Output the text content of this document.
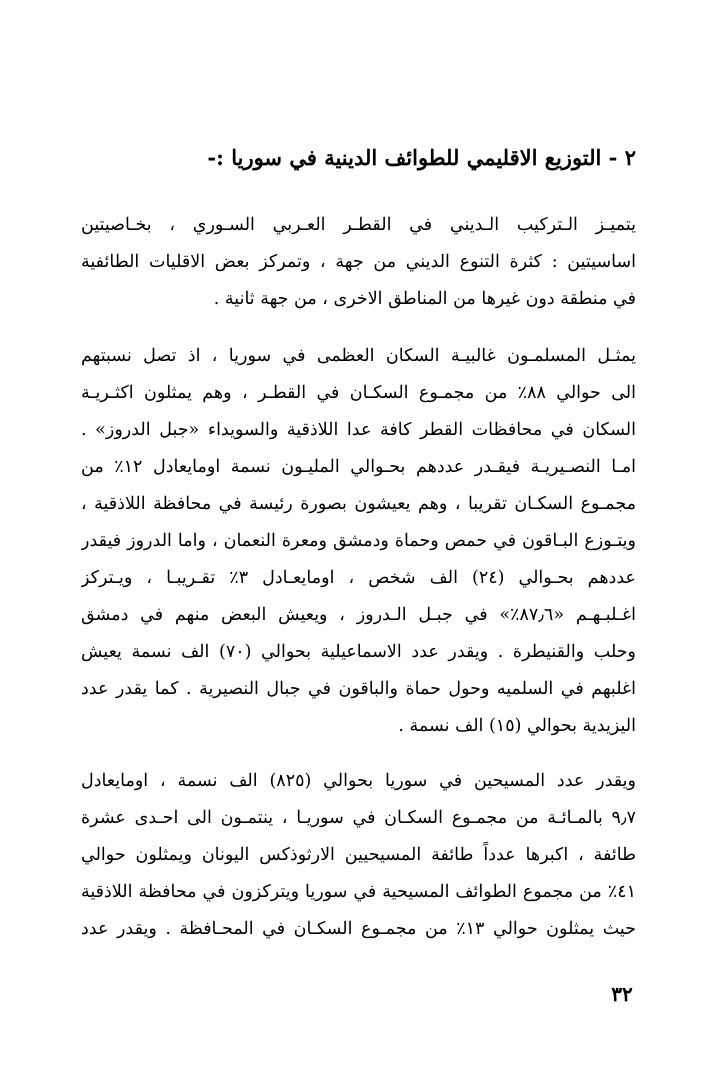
٢ - التوزيع الاقليمي للطوائف الدينية في سوريا :-
يتميـز الـتركيب الـديني في القطـر العـربي السـوري ، بخـاصيتين
اساسيتين : كثرة التنوع الديني من جهة ، وتمركز بعض الاقليات الطائفية
في منطقة دون غيرها من المناطق الاخرى ، من جهة ثانية .
يمثـل المسلمـون غالبيـة السكان العظمى في سوريا ، اذ تصل نسبتهم
الى حوالي ٨٨٪ من مجمـوع السكـان في القطـر ، وهم يمثلون اكثـريـة
السكان في محافظات القطر كافة عدا اللاذقية والسويداء «جبل الدروز» .
امـا النصـيريـة فيقـدر عددهم بحـوالي المليـون نسمة اومايعادل ١٢٪ من
مجمـوع السكـان تقريبا ، وهم يعيشون بصورة رئيسة في محافظة اللاذقية ،
ويتـوزع البـاقون في حمص وحماة ودمشق ومعرة النعمان ، واما الدروز فيقدر
عددهم بحـوالي (٢٤) الف شخص ، اومايعـادل ٣٪ تقـريبـا ، ويـتركز
اغـلبـهـم «٨٧٫٦٪» في جبـل الـدروز ، ويعيش البعض منهم في دمشق
وحلب والقنيطرة . ويقدر عدد الاسماعيلية بحوالي (٧٠) الف نسمة يعيش
اغلبهم في السلميه وحول حماة والباقون في جبال النصيرية . كما يقدر عدد
اليزيدية بحوالي (١٥) الف نسمة .
ويقدر عدد المسيحين في سوريا بحوالي (٨٢٥) الف نسمة ، اومايعادل
٩٫٧ بالمـائـة من مجمـوع السكـان في سوريـا ، ينتمـون الى احـدى عشرة
طائفة ، اكبرها عدداً طائفة المسيحيين الارثوذكس اليونان ويمثلون حوالي
٤١٪ من مجموع الطوائف المسيحية في سوريا ويتركزون في محافظة اللاذقية
حيث يمثلون حوالي ١٣٪ من مجمـوع السكـان في المحـافظة . ويقدر عدد
٣٢
